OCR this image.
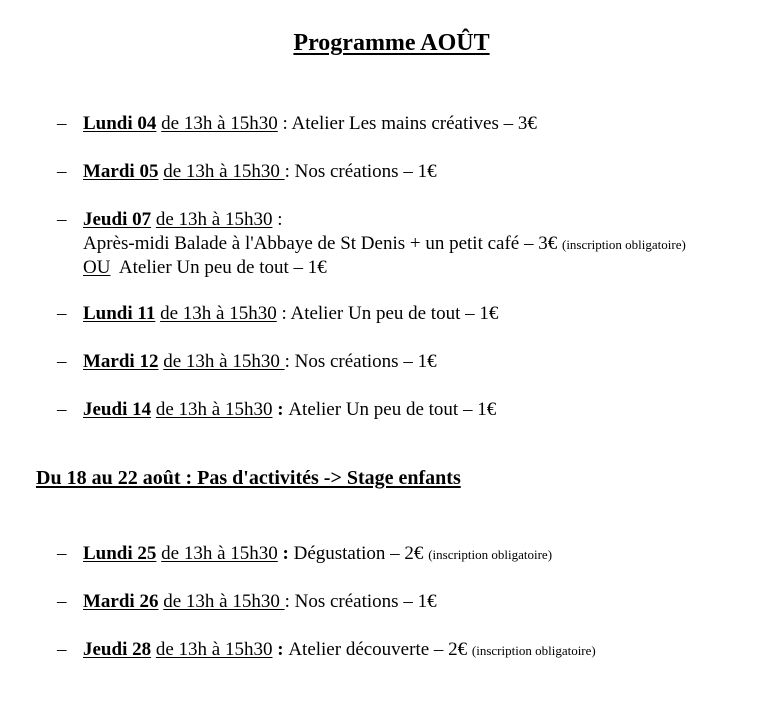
Programme AOÛT
– Lundi 04 de 13h à 15h30 : Atelier Les mains créatives – 3€
– Mardi 05 de 13h à 15h30 : Nos créations – 1€
– Jeudi 07 de 13h à 15h30 :
Après-midi Balade à l'Abbaye de St Denis + un petit café – 3€ (inscription obligatoire)
OU Atelier Un peu de tout – 1€
– Lundi 11 de 13h à 15h30 : Atelier Un peu de tout – 1€
– Mardi 12 de 13h à 15h30 : Nos créations – 1€
– Jeudi 14 de 13h à 15h30 : Atelier Un peu de tout – 1€
Du 18 au 22 août : Pas d'activités -> Stage enfants
– Lundi 25 de 13h à 15h30 : Dégustation – 2€ (inscription obligatoire)
– Mardi 26 de 13h à 15h30 : Nos créations – 1€
– Jeudi 28 de 13h à 15h30 : Atelier découverte – 2€ (inscription obligatoire)
